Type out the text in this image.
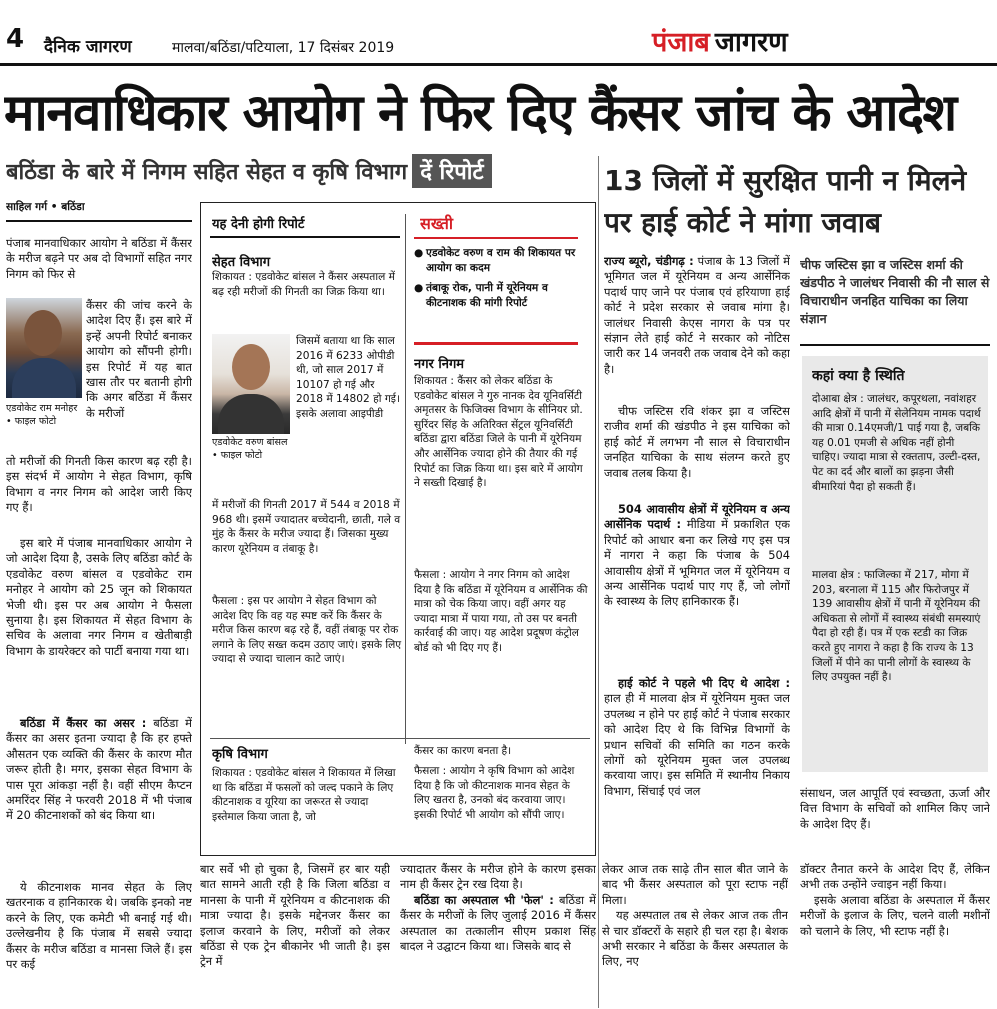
4 दैनिक जागरण	मालवा/बठिंडा/पटियाला, 17 दिसंबर 2019	पंजाब जागरण
मानवाधिकार आयोग ने फिर दिए कैंसर जांच के आदेश
बठिंडा के बारे में निगम सहित सेहत व कृषि विभाग दें रिपोर्ट
साहिल गर्ग • बठिंडा
पंजाब मानवाधिकार आयोग ने बठिंडा में कैंसर के मरीज बढ़ने पर अब दो विभागों सहित नगर निगम को फिर से
एडवोकेट राम मनोहर • फाइल फोटो
कैंसर की जांच करने के आदेश दिए हैं। इस बारे में इन्हें अपनी रिपोर्ट बनाकर आयोग को सौंपनी होगी। इस रिपोर्ट में यह बात खास तौर पर बतानी होगी कि अगर बठिंडा में कैंसर के मरीजों
तो मरीजों की गिनती किस कारण बढ़ रही है। इस संदर्भ में आयोग ने सेहत विभाग, कृषि विभाग व नगर निगम को आदेश जारी किए गए हैं।

इस बारे में पंजाब मानवाधिकार आयोग ने जो आदेश दिया है, उसके लिए बठिंडा कोर्ट के एडवोकेट वरुण बांसल व एडवोकेट राम मनोहर ने आयोग को 25 जून को शिकायत भेजी थी। इस पर अब आयोग ने फैसला सुनाया है। इस शिकायत में सेहत विभाग के सचिव के अलावा नगर निगम व खेतीबाड़ी विभाग के डायरेक्टर को पार्टी बनाया गया था।

बठिंडा में कैंसर का असर : बठिंडा में कैंसर का असर इतना ज्यादा है कि हर हफ्ते औसतन एक व्यक्ति की कैंसर के कारण मौत जरूर होती है। मगर, इसका सेहत विभाग के पास पूरा आंकड़ा नहीं है। वहीं सीएम कैप्टन अमरिंदर सिंह ने फरवरी 2018 में भी पंजाब में 20 कीटनाशकों को बंद किया था।

ये कीटनाशक मानव सेहत के लिए खतरनाक व हानिकारक थे। जबकि इनको नष्ट करने के लिए, एक कमेटी भी बनाई गई थी। उल्लेखनीय है कि पंजाब में सबसे ज्यादा कैंसर के मरीज बठिंडा व मानसा जिले हैं। इस पर कई

यह देनी होगी रिपोर्ट
सेहत विभाग
शिकायत : एडवोकेट बांसल ने कैंसर अस्पताल में बढ़ रही मरीजों की गिनती का जिक्र किया था।
एडवोकेट वरुण बांसल • फाइल फोटो
जिसमें बताया था कि साल 2016 में 6233 ओपीडी थी, जो साल 2017 में 10107 हो गई और 2018 में 14802 हो गई। इसके अलावा आइपीडी
में मरीजों की गिनती 2017 में 544 व 2018 में 968 थी। इसमें ज्यादातर बच्चेदानी, छाती, गले व मुंह के कैंसर के मरीज ज्यादा हैं। जिसका मुख्य कारण यूरेनियम व तंबाकू है।
फैसला : इस पर आयोग ने सेहत विभाग को आदेश दिए कि वह यह स्पष्ट करें कि कैंसर के मरीज किस कारण बढ़ रहे हैं, वहीं तंबाकू पर रोक लगाने के लिए सख्त कदम उठाए जाएं। इसके लिए ज्यादा से ज्यादा चालान काटे जाएं।
सख्ती
● एडवोकेट वरुण व राम की शिकायत पर आयोग का कदम
● तंबाकू रोक, पानी में यूरेनियम व कीटनाशक की मांगी रिपोर्ट
नगर निगम
शिकायत : कैंसर को लेकर बठिंडा के एडवोकेट बांसल ने गुरु नानक देव यूनिवर्सिटी अमृतसर के फिजिक्स विभाग के सीनियर प्रो. सुरिंदर सिंह के अतिरिक्त सेंट्रल यूनिवर्सिटी बठिंडा द्वारा बठिंडा जिले के पानी में यूरेनियम और आर्सेनिक ज्यादा होने की तैयार की गई रिपोर्ट का जिक्र किया था। इस बारे में आयोग ने सख्ती दिखाई है।
फैसला : आयोग ने नगर निगम को आदेश दिया है कि बठिंडा में यूरेनियम व आर्सेनिक की मात्रा को चेक किया जाए। वहीं अगर यह ज्यादा मात्रा में पाया गया, तो उस पर बनती कार्रवाई की जाए। यह आदेश प्रदूषण कंट्रोल बोर्ड को भी दिए गए हैं।
कृषि विभाग
शिकायत : एडवोकेट बांसल ने शिकायत में लिखा था कि बठिंडा में फसलों को जल्द पकाने के लिए कीटनाशक व यूरिया का जरूरत से ज्यादा इस्तेमाल किया जाता है, जो
कैंसर का कारण बनता है।
फैसला : आयोग ने कृषि विभाग को आदेश दिया है कि जो कीटनाशक मानव सेहत के लिए खतरा है, उनको बंद करवाया जाए। इसकी रिपोर्ट भी आयोग को सौंपी जाए।
बार सर्वे भी हो चुका है, जिसमें हर बार यही बात सामने आती रही है कि जिला बठिंडा व मानसा के पानी में यूरेनियम व कीटनाशक की मात्रा ज्यादा है। इसके मद्देनजर कैंसर का इलाज करवाने के लिए, मरीजों को लेकर बठिंडा से एक ट्रेन बीकानेर भी जाती है। इस ट्रेन में
ज्यादातर कैंसर के मरीज होने के कारण इसका नाम ही कैंसर ट्रेन रख दिया है।

बठिंडा का अस्पताल भी 'फेल' : बठिंडा में कैंसर के मरीजों के लिए जुलाई 2016 में कैंसर अस्पताल का तत्कालीन सीएम प्रकाश सिंह बादल ने उद्घाटन किया था। जिसके बाद से

लेकर आज तक साढ़े तीन साल बीत जाने के बाद भी कैंसर अस्पताल को पूरा स्टाफ नहीं मिला।

यह अस्पताल तब से लेकर आज तक तीन से चार डॉक्टरों के सहारे ही चल रहा है। बेशक अभी सरकार ने बठिंडा के कैंसर अस्पताल के लिए, नए

डॉक्टर तैनात करने के आदेश दिए हैं, लेकिन अभी तक उन्होंने ज्वाइन नहीं किया।

इसके अलावा बठिंडा के अस्पताल में कैंसर मरीजों के इलाज के लिए, चलने वाली मशीनों को चलाने के लिए, भी स्टाफ नहीं है।

13 जिलों में सुरक्षित पानी न मिलने पर हाई कोर्ट ने मांगा जवाब
राज्य ब्यूरो, चंडीगढ़ : पंजाब के 13 जिलों में भूमिगत जल में यूरेनियम व अन्य आर्सेनिक पदार्थ पाए जाने पर पंजाब एवं हरियाणा हाई कोर्ट ने प्रदेश सरकार से जवाब मांगा है। जालंधर निवासी केएस नागरा के पत्र पर संज्ञान लेते हाई कोर्ट ने सरकार को नोटिस जारी कर 14 जनवरी तक जवाब देने को कहा है।

चीफ जस्टिस रवि शंकर झा व जस्टिस राजीव शर्मा की खंडपीठ ने इस याचिका को हाई कोर्ट में लगभग नौ साल से विचाराधीन जनहित याचिका के साथ संलग्न करते हुए जवाब तलब किया है।

504 आवासीय क्षेत्रों में यूरेनियम व अन्य आर्सेनिक पदार्थ : मीडिया में प्रकाशित एक रिपोर्ट को आधार बना कर लिखे गए इस पत्र में नागरा ने कहा कि पंजाब के 504 आवासीय क्षेत्रों में भूमिगत जल में यूरेनियम व अन्य आर्सेनिक पदार्थ पाए गए हैं, जो लोगों के स्वास्थ्य के लिए हानिकारक हैं।

हाई कोर्ट ने पहले भी दिए थे आदेश : हाल ही में मालवा क्षेत्र में यूरेनियम मुक्त जल उपलब्ध न होने पर हाई कोर्ट ने पंजाब सरकार को आदेश दिए थे कि विभिन्न विभागों के प्रधान सचिवों की समिति का गठन करके लोगों को यूरेनियम मुक्त जल उपलब्ध करवाया जाए। इस समिति में स्थानीय निकाय विभाग, सिंचाई एवं जल

चीफ जस्टिस झा व जस्टिस शर्मा की खंडपीठ ने जालंधर निवासी की नौ साल से विचाराधीन जनहित याचिका का लिया संज्ञान
कहां क्या है स्थिति
दोआबा क्षेत्र : जालंधर, कपूरथला, नवांशहर आदि क्षेत्रों में पानी में सेलेनियम नामक पदार्थ की मात्रा 0.14एमजी/1 पाई गया है, जबकि यह 0.01 एमजी से अधिक नहीं होनी चाहिए। ज्यादा मात्रा से रक्तताप, उल्टी-दस्त, पेट का दर्द और बालों का झड़ना जैसी बीमारियां पैदा हो सकती हैं।
मालवा क्षेत्र : फाजिल्का में 217, मोगा में 203, बरनाला में 115 और फिरोजपुर में 139 आवासीय क्षेत्रों में पानी में यूरेनियम की अधिकता से लोगों में स्वास्थ्य संबंधी समस्याएं पैदा हो रही हैं। पत्र में एक स्टडी का जिक्र करते हुए नागरा ने कहा है कि राज्य के 13 जिलों में पीने का पानी लोगों के स्वास्थ्य के लिए उपयुक्त नहीं है।
संसाधन, जल आपूर्ति एवं स्वच्छता, ऊर्जा और वित्त विभाग के सचिवों को शामिल किए जाने के आदेश दिए हैं।
